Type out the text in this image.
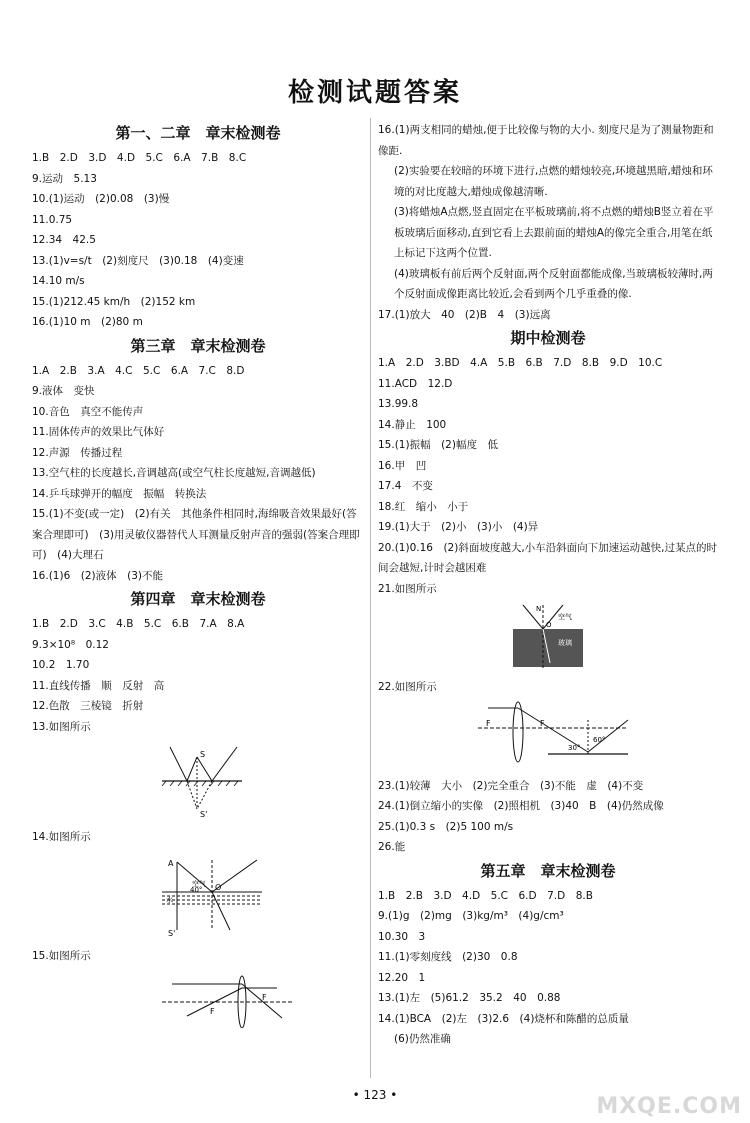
检测试题答案
第一、二章　章末检测卷
1.B　2.D　3.D　4.D　5.C　6.A　7.B　8.C
9.运动　5.13
10.(1)运动　(2)0.08　(3)慢
11.0.75
12.34　42.5
13.(1)v=s/t　(2)刻度尺　(3)0.18　(4)变速
14.10 m/s
15.(1)212.45 km/h　(2)152 km
16.(1)10 m　(2)80 m
第三章　章末检测卷
1.A　2.B　3.A　4.C　5.C　6.A　7.C　8.D
9.液体　变快
10.音色　真空不能传声
11.固体传声的效果比气体好
12.声源　传播过程
13.空气柱的长度越长,音调越高(或空气柱长度越短,音调越低)
14.乒乓球弹开的幅度　振幅　转换法
15.(1)不变(或一定)　(2)有关　其他条件相同时,海绵吸音效果最好(答案合理即可)　(3)用灵敏仪器替代人耳测量反射声音的强弱(答案合理即可)　(4)大理石
16.(1)6　(2)液体　(3)不能
第四章　章末检测卷
1.B　2.D　3.C　4.B　5.C　6.B　7.A　8.A
9.3×10⁸　0.12
10.2　1.70
11.直线传播　顺　反射　高
12.色散　三棱镜　折射
13.如图所示
S
S'
14.如图所示
A
空气
水
O
40°
S'
15.如图所示
F
F
16.(1)两支相同的蜡烛,便于比较像与物的大小. 刻度尺是为了测量物距和像距.
(2)实验要在较暗的环境下进行,点燃的蜡烛较亮,环境越黑暗,蜡烛和环境的对比度越大,蜡烛成像越清晰.
(3)将蜡烛A点燃,竖直固定在平板玻璃前,将不点燃的蜡烛B竖立着在平板玻璃后面移动,直到它看上去跟前面的蜡烛A的像完全重合,用笔在纸上标记下这两个位置.
(4)玻璃板有前后两个反射面,两个反射面都能成像,当玻璃板较薄时,两个反射面成像距离比较近,会看到两个几乎重叠的像.
17.(1)放大　40　(2)B　4　(3)远离
期中检测卷
1.A　2.D　3.BD　4.A　5.B　6.B　7.D　8.B　9.D　10.C
11.ACD　12.D
13.99.8
14.静止　100
15.(1)振幅　(2)幅度　低
16.甲　凹
17.4　不变
18.红　缩小　小于
19.(1)大于　(2)小　(3)小　(4)异
20.(1)0.16　(2)斜面坡度越大,小车沿斜面向下加速运动越快,过某点的时间会越短,计时会越困难
21.如图所示
N
空气
O
玻璃
22.如图所示
F	F
30°
60°
23.(1)较薄　大小　(2)完全重合　(3)不能　虚　(4)不变
24.(1)倒立缩小的实像　(2)照相机　(3)40　B　(4)仍然成像
25.(1)0.3 s　(2)5 100 m/s
26.能
第五章　章末检测卷
1.B　2.B　3.D　4.D　5.C　6.D　7.D　8.B
9.(1)g　(2)mg　(3)kg/m³　(4)g/cm³
10.30　3
11.(1)零刻度线　(2)30　0.8
12.20　1
13.(1)左　(5)61.2　35.2　40　0.88
14.(1)BCA　(2)左　(3)2.6　(4)烧杯和陈醋的总质量
(6)仍然准确
• 123 •	MXQE.COM
